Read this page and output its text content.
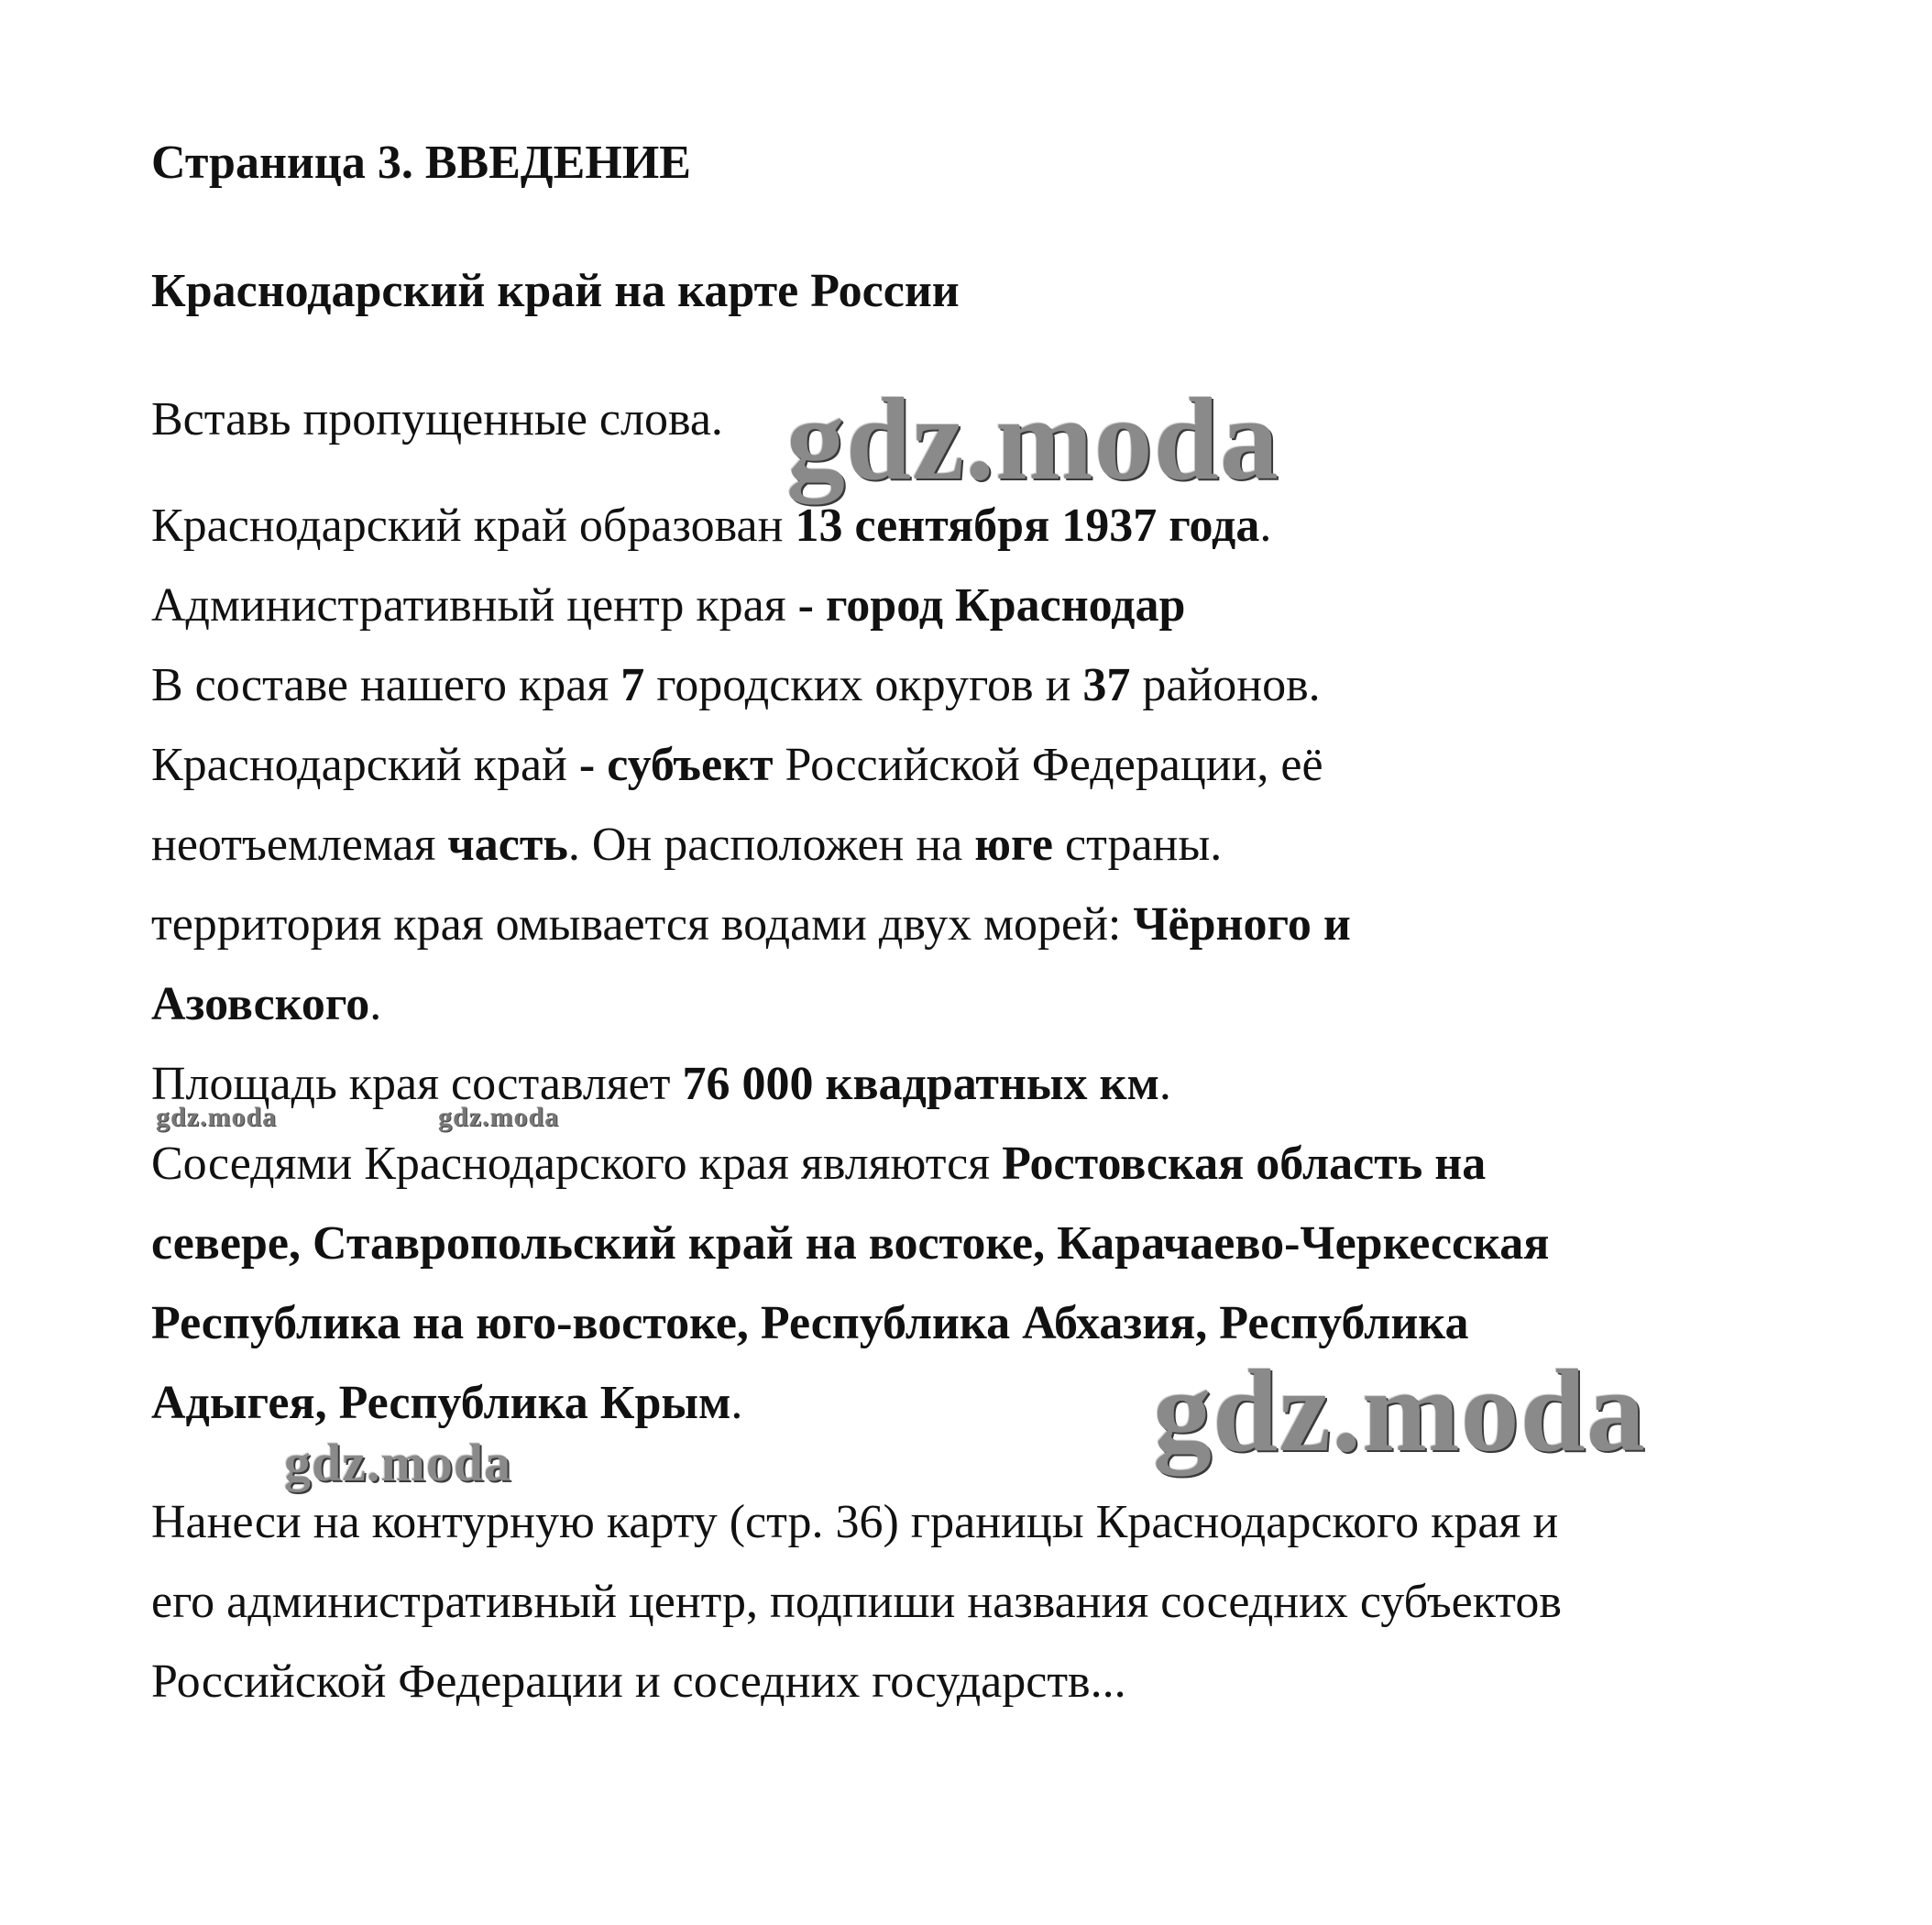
Страница 3. ВВЕДЕНИЕ
Краснодарский край на карте России
Вставь пропущенные слова.
Краснодарский край образован 13 сентября 1937 года.
Административный центр края - город Краснодар
В составе нашего края 7 городских округов и 37 районов.
Краснодарский край - субъект Российской Федерации, её
неотъемлемая часть. Он расположен на юге страны.
территория края омывается водами двух морей: Чёрного и
Азовского.
Площадь края составляет 76 000 квадратных км.
Соседями Краснодарского края являются Ростовская область на
севере, Ставропольский край на востоке, Карачаево-Черкесская
Республика на юго-востоке, Республика Абхазия, Республика
Адыгея, Республика Крым.
Нанеси на контурную карту (стр. 36) границы Краснодарского края и
его административный центр, подпиши названия соседних субъектов
Российской Федерации и соседних государств...
gdz.moda
gdz.moda
gdz.moda
gdz.moda	gdz.moda
